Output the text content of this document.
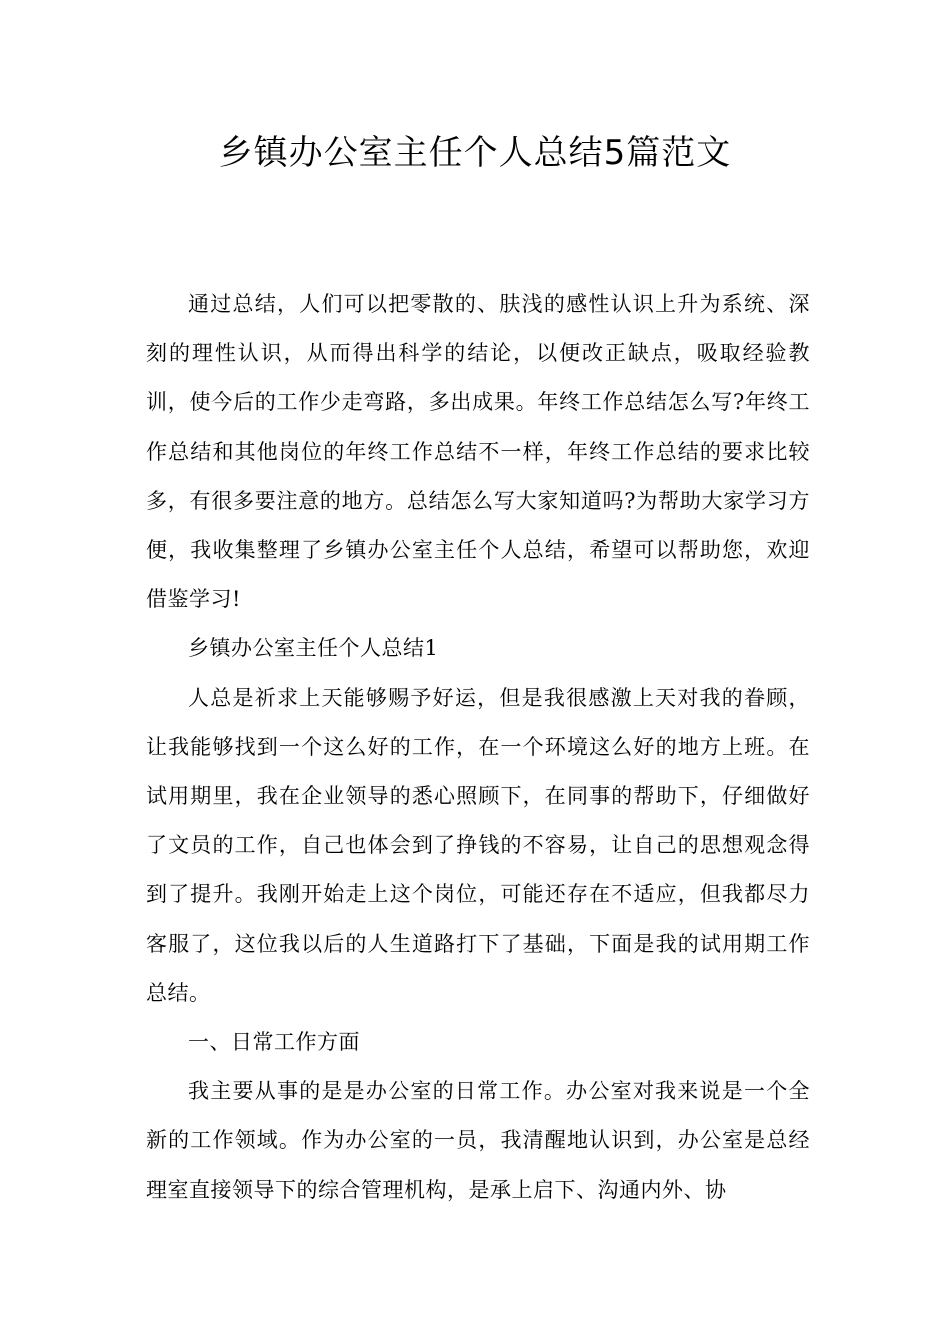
乡镇办公室主任个人总结5篇范文

通过总结，人们可以把零散的、肤浅的感性认识上升为系统、深刻的理性认识，从而得出科学的结论，以便改正缺点，吸取经验教训，使今后的工作少走弯路，多出成果。年终工作总结怎么写?年终工作总结和其他岗位的年终工作总结不一样，年终工作总结的要求比较多，有很多要注意的地方。总结怎么写大家知道吗?为帮助大家学习方便，我收集整理了乡镇办公室主任个人总结，希望可以帮助您，欢迎借鉴学习!

乡镇办公室主任个人总结1

人总是祈求上天能够赐予好运，但是我很感激上天对我的眷顾，让我能够找到一个这么好的工作，在一个环境这么好的地方上班。在试用期里，我在企业领导的悉心照顾下，在同事的帮助下，仔细做好了文员的工作，自己也体会到了挣钱的不容易，让自己的思想观念得到了提升。我刚开始走上这个岗位，可能还存在不适应，但我都尽力客服了，这位我以后的人生道路打下了基础，下面是我的试用期工作总结。

一、日常工作方面

我主要从事的是是办公室的日常工作。办公室对我来说是一个全新的工作领域。作为办公室的一员，我清醒地认识到，办公室是总经理室直接领导下的综合管理机构，是承上启下、沟通内外、协
